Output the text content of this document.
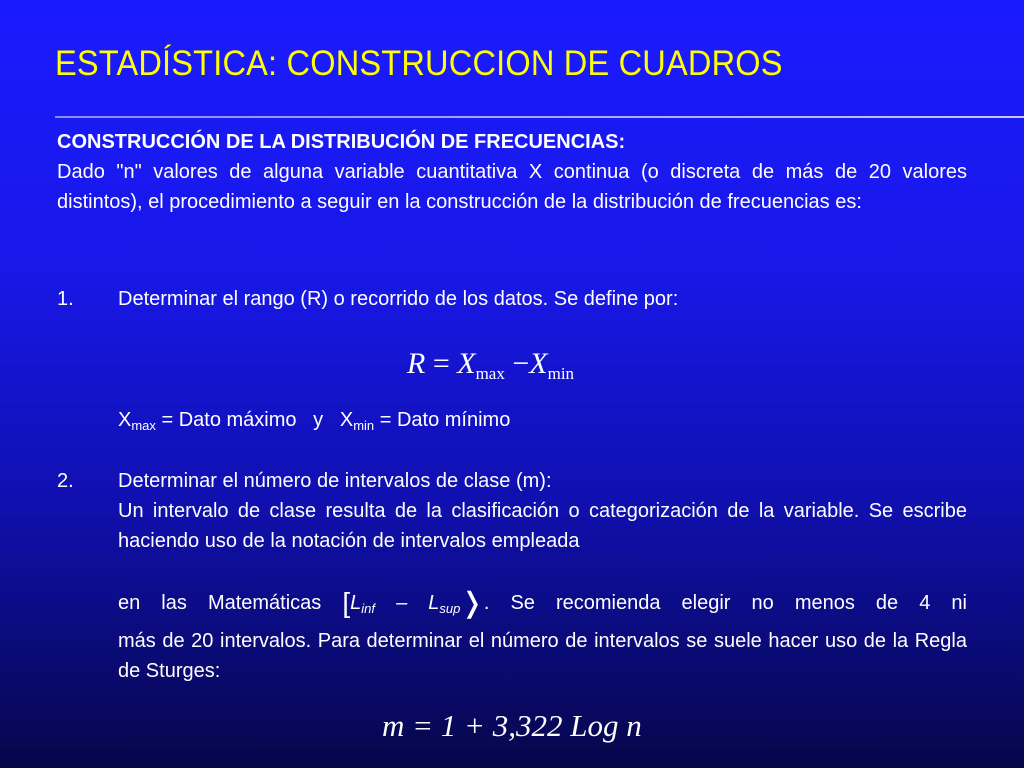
ESTADÍSTICA: CONSTRUCCION DE CUADROS
CONSTRUCCIÓN DE LA DISTRIBUCIÓN DE FRECUENCIAS:
Dado "n" valores de alguna variable cuantitativa X continua (o discreta de más de 20 valores distintos), el procedimiento a seguir en la construcción de la distribución de frecuencias es:
1. Determinar el rango (R) o recorrido de los datos. Se define por:
$R = X_{max} -X_{min}$
$X_{max}$ = Dato máximo   y   $X_{min}$ = Dato mínimo
2. Determinar el número de intervalos de clase (m):
Un intervalo de clase resulta de la clasificación o categorización de la variable. Se escribe haciendo uso de la notación de intervalos empleada
en las Matemáticas [$L_{inf}$ – $L_{sup}❭$. Se recomienda elegir no menos de 4 ni
más de 20 intervalos. Para determinar el número de intervalos se suele hacer uso de la Regla de Sturges:
m = 1 + 3,322 Log n
